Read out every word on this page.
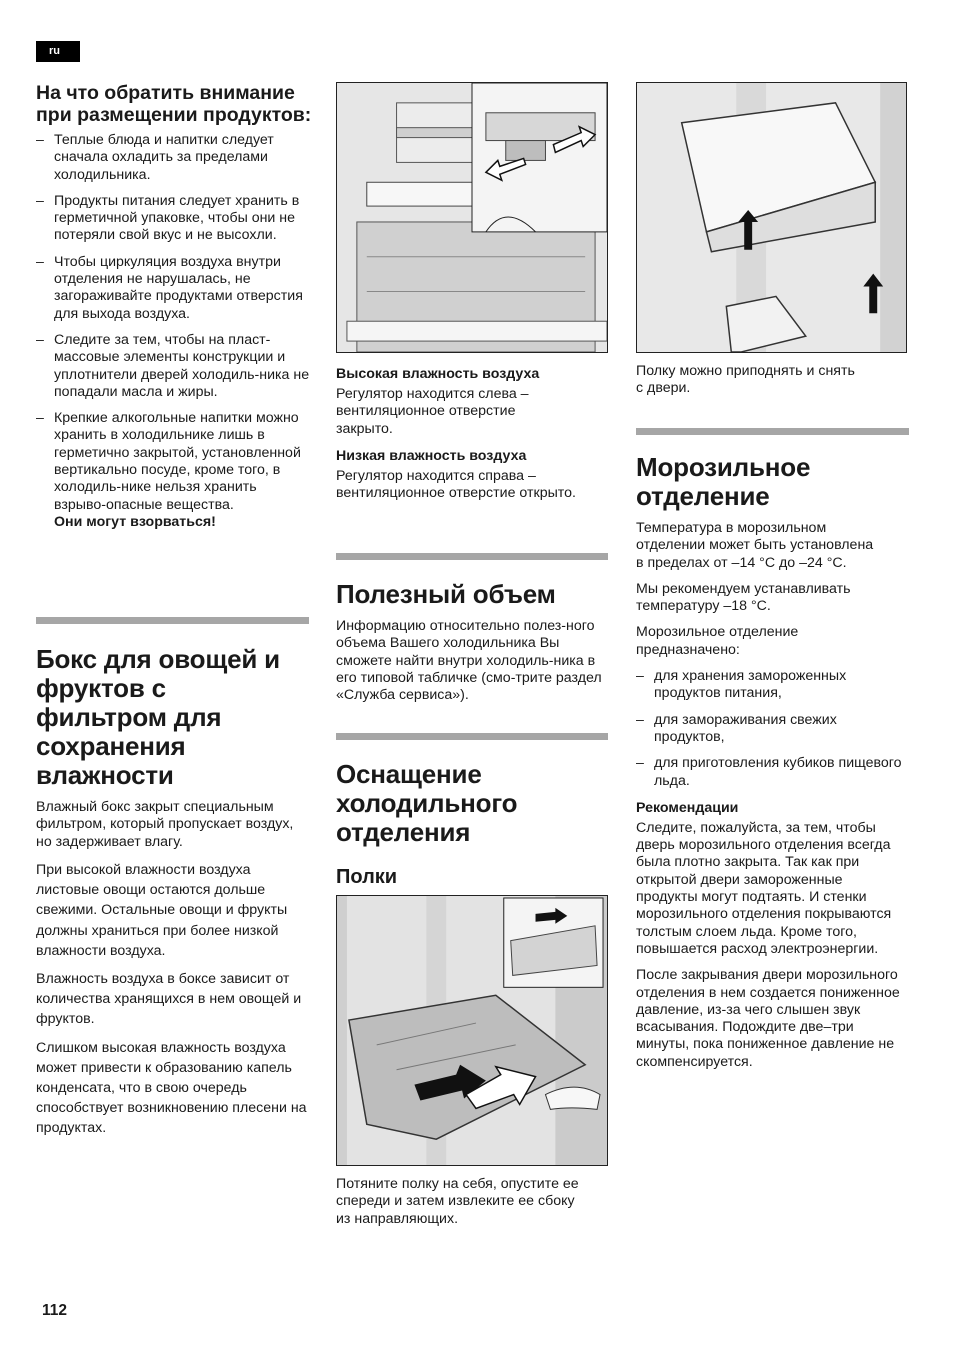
ru
На что обратить внимание при размещении продуктов:
– Теплые блюда и напитки следует сначала охладить за пределами холодильника.
– Продукты питания следует хранить в герметичной упаковке, чтобы они не потеряли свой вкус и не высохли.
– Чтобы циркуляция воздуха внутри отделения не нарушалась, не загораживайте продуктами отверстия для выхода воздуха.
– Следите за тем, чтобы на пласт-массовые элементы конструкции и уплотнители дверей холодиль-ника не попадали масла и жиры.
– Крепкие алкогольные напитки можно хранить в холодильнике лишь в герметично закрытой, установленной вертикально посуде, кроме того, в холодиль-нике нельзя хранить взрыво-опасные вещества.
Они могут взорваться!
Бокс для овощей и фруктов с фильтром для сохранения влажности
Влажный бокс закрыт специальным фильтром, который пропускает воздух, но задерживает влагу.
При высокой влажности воздуха листовые овощи остаются дольше свежими. Остальные овощи и фрукты должны храниться при более низкой влажности воздуха.
Влажность воздуха в боксе зависит от количества хранящихся в нем овощей и фруктов.
Слишком высокая влажность воздуха может привести к образованию капель конденсата, что в свою очередь способствует возникновению плесени на продуктах.
Высокая влажность воздуха
Регулятор находится слева – вентиляционное отверстие закрыто.
Низкая влажность воздуха
Регулятор находится справа – вентиляционное отверстие открыто.
Полезный объем
Информацию относительно полез-ного объема Вашего холодильника Вы сможете найти внутри холодиль-ника в его типовой табличке (смо-трите раздел «Служба сервиса»).
Оснащение холодильного отделения
Полки
Потяните полку на себя, опустите ее спереди и затем извлеките ее сбоку из направляющих.
Полку можно приподнять и снять с двери.
Морозильное отделение
Температура в морозильном отделении может быть установлена в пределах от –14 °C до –24 °C.
Мы рекомендуем устанавливать температуру –18 °C.
Морозильное отделение предназначено:
– для хранения замороженных продуктов питания,
– для замораживания свежих продуктов,
– для приготовления кубиков пищевого льда.
Рекомендации
Следите, пожалуйста, за тем, чтобы дверь морозильного отделения всегда была плотно закрыта. Так как при открытой двери замороженные продукты могут подтаять. И стенки морозильного отделения покрываются толстым слоем льда. Кроме того, повышается расход электроэнергии.
После закрывания двери морозильного отделения в нем создается пониженное давление, из-за чего слышен звук всасывания. Подождите две–три минуты, пока пониженное давление не скомпенсируется.
112
